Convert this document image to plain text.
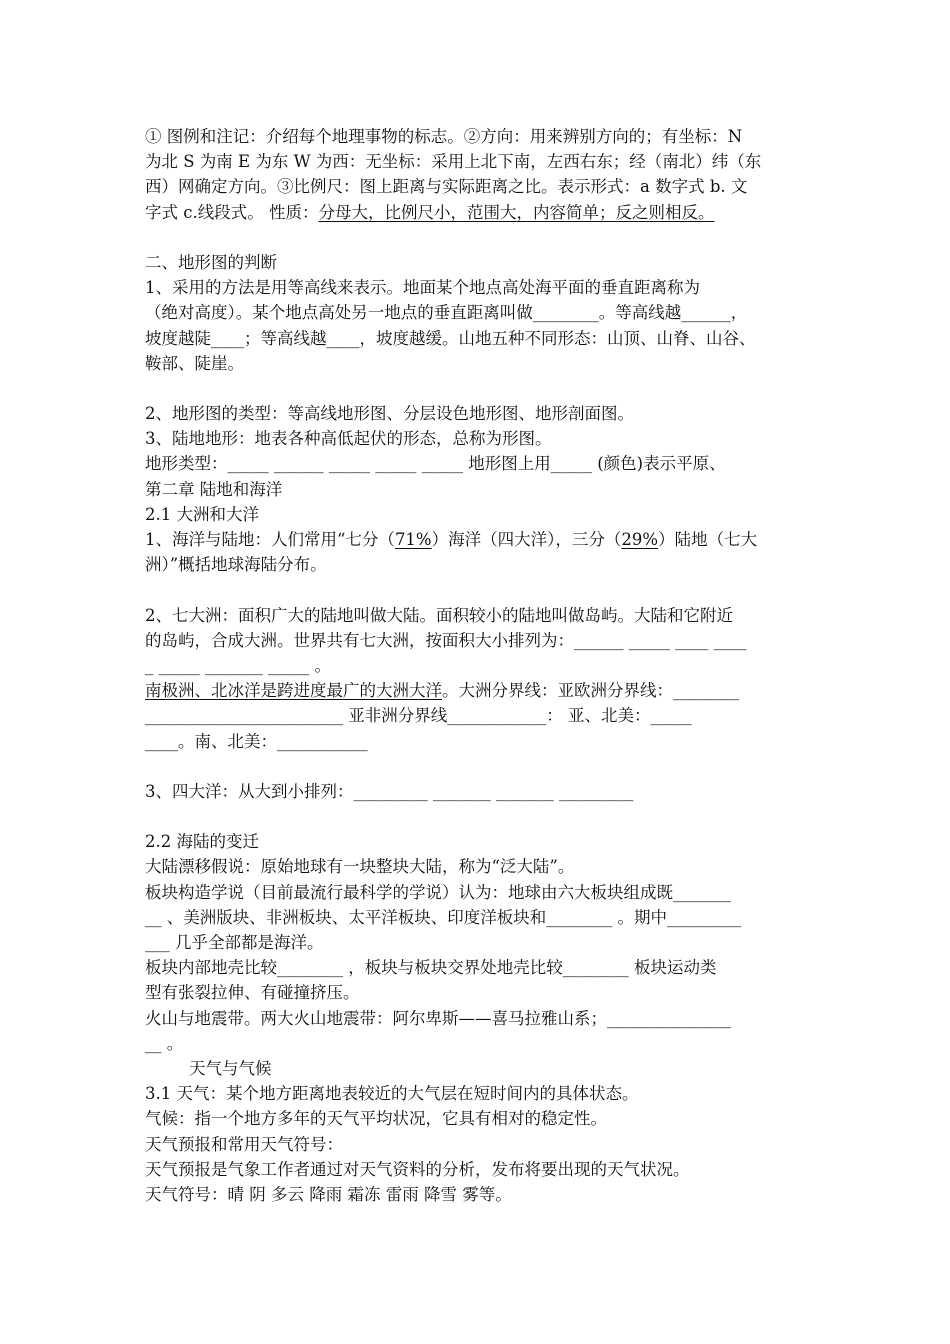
① 图例和注记：介绍每个地理事物的标志。②方向：用来辨别方向的；有坐标：N
为北 S 为南 E 为东 W 为西：无坐标：采用上北下南，左西右东；经（南北）纬（东
西）网确定方向。③比例尺：图上距离与实际距离之比。表示形式：a 数字式 b. 文
字式 c.线段式。 性质：分母大，比例尺小，范围大，内容简单；反之则相反。
二、地形图的判断
1、采用的方法是用等高线来表示。地面某个地点高处海平面的垂直距离称为
（绝对高度）。某个地点高处另一地点的垂直距离叫做________。等高线越______，
坡度越陡____；等高线越____，坡度越缓。山地五种不同形态：山顶、山脊、山谷、
鞍部、陡崖。
2、地形图的类型：等高线地形图、分层设色地形图、地形剖面图。
3、陆地地形：地表各种高低起伏的形态，总称为形图。
地形类型：_____ ______ _____ _____ _____ 地形图上用_____ (颜色)表示平原、
第二章 陆地和海洋
2.1 大洲和大洋
1、海洋与陆地：人们常用“七分（71%）海洋（四大洋），三分（29%）陆地（七大
洲）”概括地球海陆分布。
2、七大洲：面积广大的陆地叫做大陆。面积较小的陆地叫做岛屿。大陆和它附近
的岛屿，合成大洲。世界共有七大洲，按面积大小排列为：______ _____ ____ ____
_ _____ _______ _____ 。
南极洲、北冰洋是跨进度最广的大洲大洋。大洲分界线：亚欧洲分界线：________
________________________ 亚非洲分界线____________： 亚、北美：_____
____。南、北美：___________
3、四大洋：从大到小排列：_________ _______ _______ _________
2.2 海陆的变迁
大陆漂移假说：原始地球有一块整块大陆，称为“泛大陆”。
板块构造学说（目前最流行最科学的学说）认为：地球由六大板块组成既_______
__ 、美洲版块、非洲板块、太平洋板块、印度洋板块和________ 。期中_________
___ 几乎全部都是海洋。
板块内部地壳比较________ ，板块与板块交界处地壳比较________ 板块运动类
型有张裂拉伸、有碰撞挤压。
火山与地震带。两大火山地震带：阿尔卑斯——喜马拉雅山系；_______________
__ 。
天气与气候
3.1 天气：某个地方距离地表较近的大气层在短时间内的具体状态。
气候：指一个地方多年的天气平均状况，它具有相对的稳定性。
天气预报和常用天气符号：
天气预报是气象工作者通过对天气资料的分析，发布将要出现的天气状况。
天气符号：晴 阴 多云 降雨 霜冻 雷雨 降雪 雾等。
